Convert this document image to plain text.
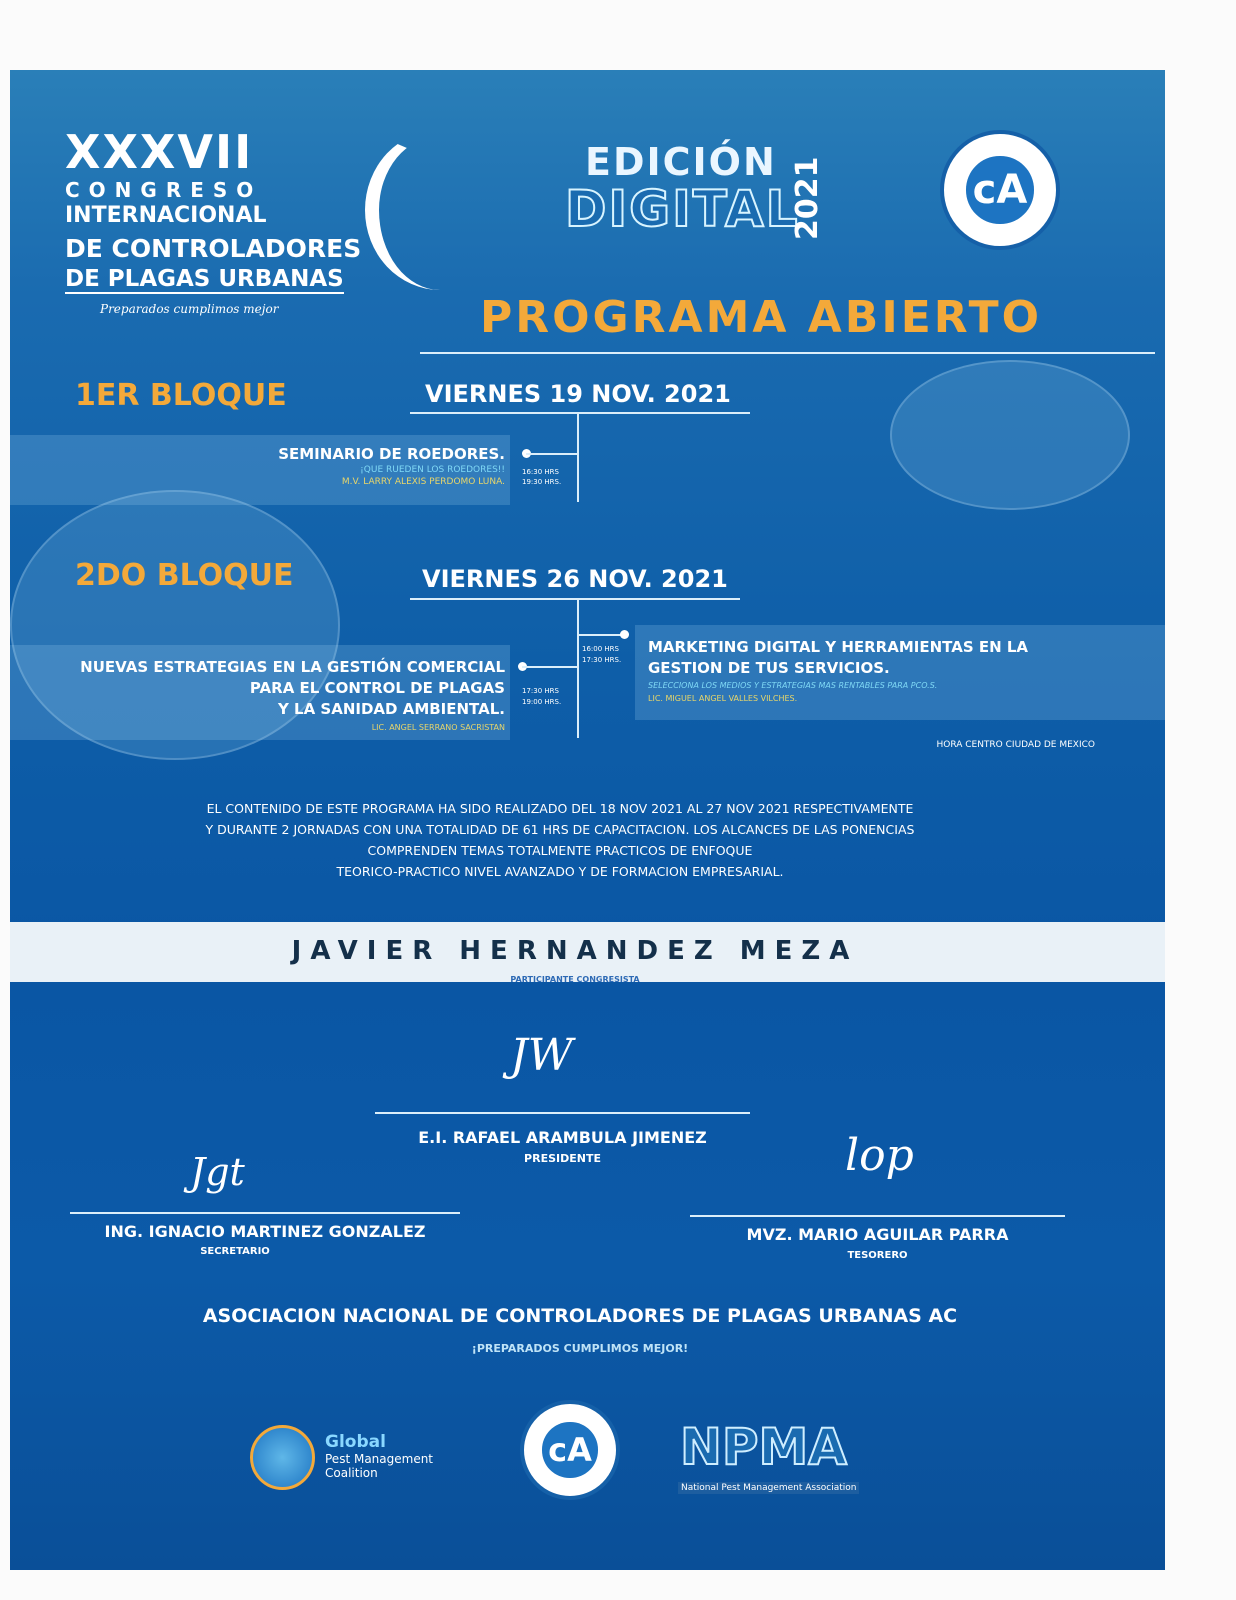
XXXVII
CONGRESO
INTERNACIONAL
DE CONTROLADORES
DE PLAGAS URBANAS
Preparados cumplimos mejor
EDICIÓN
DIGITAL
2021	cA
PROGRAMA ABIERTO
1ER BLOQUE	VIERNES 19 NOV. 2021
SEMINARIO DE ROEDORES.
¡QUE RUEDEN LOS ROEDORES!!
M.V. LARRY ALEXIS PERDOMO LUNA.
16:30 HRS
19:30 HRS.
2DO BLOQUE	VIERNES 26 NOV. 2021
NUEVAS ESTRATEGIAS EN LA GESTIÓN COMERCIAL
PARA EL CONTROL DE PLAGAS
Y LA SANIDAD AMBIENTAL.
LIC. ANGEL SERRANO SACRISTAN
17:30 HRS
19:00 HRS.
16:00 HRS
17:30 HRS.
MARKETING DIGITAL Y HERRAMIENTAS EN LA
GESTION DE TUS SERVICIOS.
SELECCIONA LOS MEDIOS Y ESTRATEGIAS MAS RENTABLES PARA PCO.S.
LIC. MIGUEL ANGEL VALLES VILCHES.
HORA CENTRO CIUDAD DE MEXICO
EL CONTENIDO DE ESTE PROGRAMA HA SIDO REALIZADO DEL 18 NOV 2021 AL 27 NOV 2021 RESPECTIVAMENTE
Y DURANTE 2 JORNADAS CON UNA TOTALIDAD DE 61 HRS DE CAPACITACION. LOS ALCANCES DE LAS PONENCIAS
COMPRENDEN TEMAS TOTALMENTE PRACTICOS DE ENFOQUE
TEORICO-PRACTICO NIVEL AVANZADO Y DE FORMACION EMPRESARIAL.
JAVIER HERNANDEZ MEZA
PARTICIPANTE CONGRESISTA
JW
E.I. RAFAEL ARAMBULA JIMENEZ
PRESIDENTE
Jgt
ING. IGNACIO MARTINEZ GONZALEZ
SECRETARIO
lop
MVZ. MARIO AGUILAR PARRA
TESORERO
ASOCIACION NACIONAL DE CONTROLADORES DE PLAGAS URBANAS AC
¡PREPARADOS CUMPLIMOS MEJOR!
Global
Pest Management
Coalition
cA NPMA
National Pest Management Association
